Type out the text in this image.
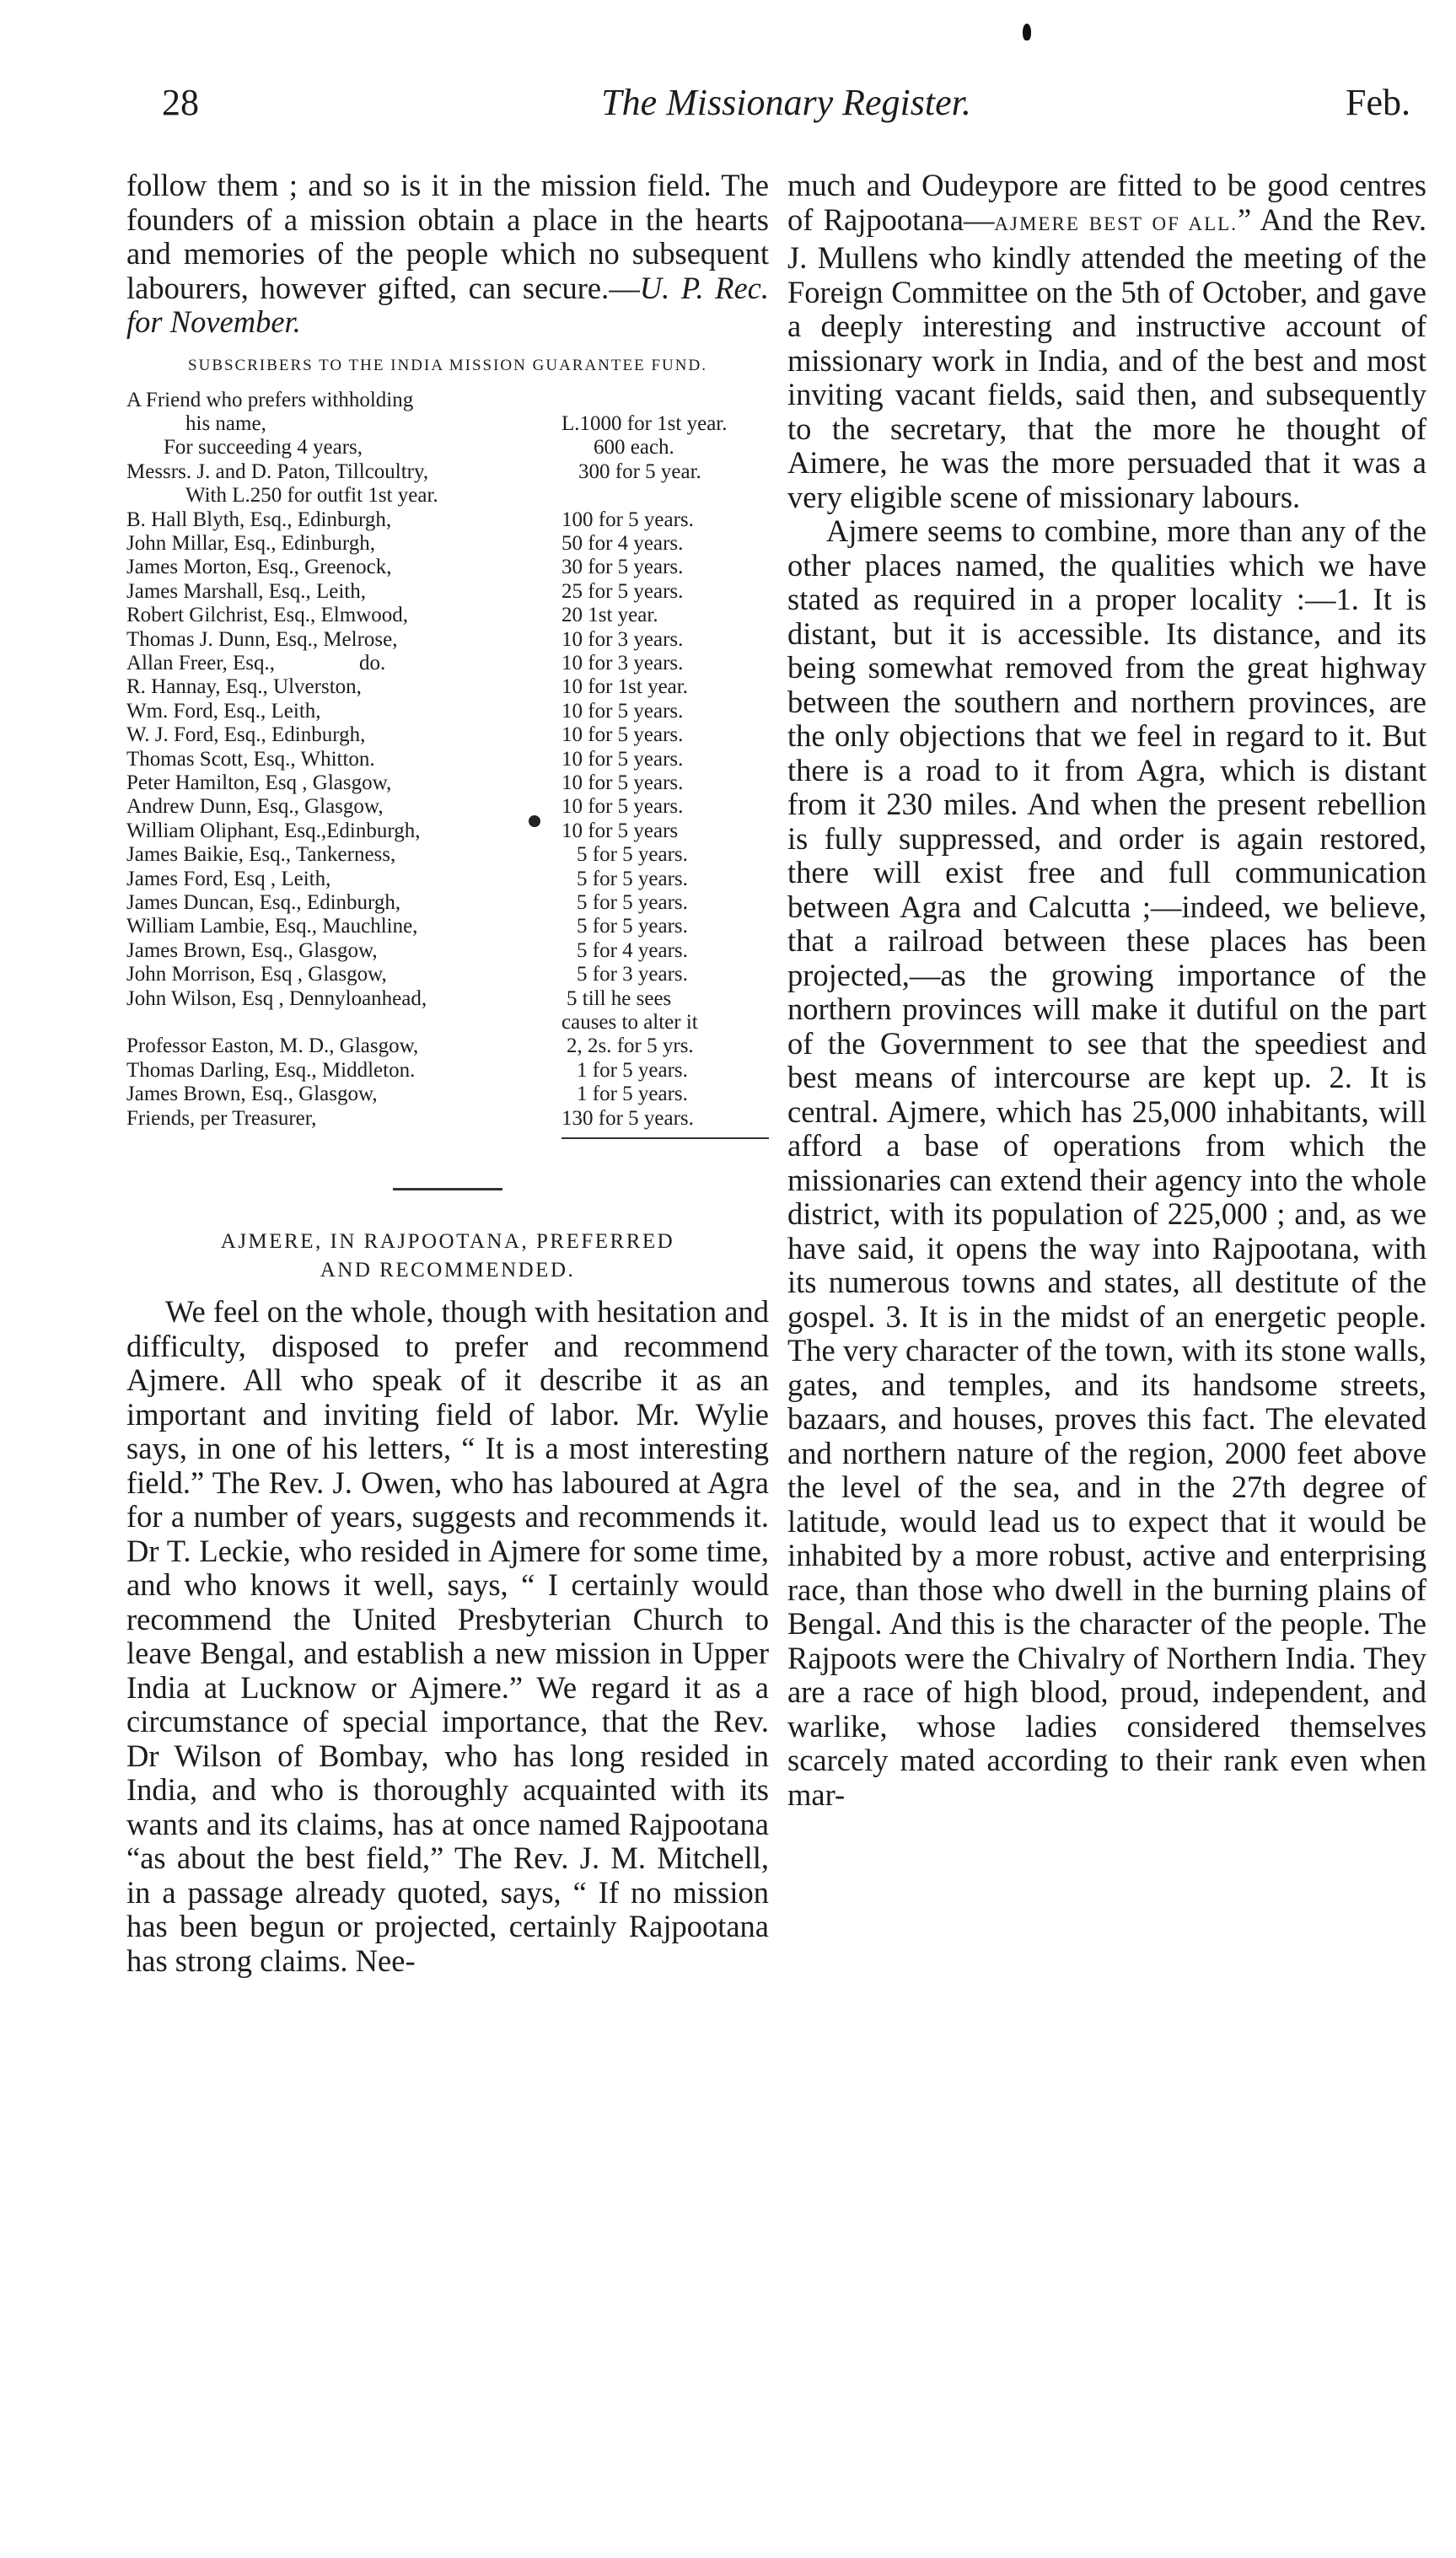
28	The Missionary Register.	Feb.

follow them ; and so is it in the mission field. The founders of a mission obtain a place in the hearts and memories of the people which no subsequent labourers, however gifted, can secure.—U. P. Rec. for November.

SUBSCRIBERS TO THE INDIA MISSION GUARANTEE FUND.
A Friend who prefers withholding
his name,	L.1000 for 1st year.
For succeeding 4 years,	600 each.
Messrs. J. and D. Paton, Tillcoultry,	300 for 5 year.
With L.250 for outfit 1st year.
B. Hall Blyth, Esq., Edinburgh,	100 for 5 years.
John Millar, Esq., Edinburgh,	50 for 4 years.
James Morton, Esq., Greenock,	30 for 5 years.
James Marshall, Esq., Leith,	25 for 5 years.
Robert Gilchrist, Esq., Elmwood,	20 1st year.
Thomas J. Dunn, Esq., Melrose,	10 for 3 years.
Allan Freer, Esq.,                do.	10 for 3 years.
R. Hannay, Esq., Ulverston,	10 for 1st year.
Wm. Ford, Esq., Leith,	10 for 5 years.
W. J. Ford, Esq., Edinburgh,	10 for 5 years.
Thomas Scott, Esq., Whitton.	10 for 5 years.
Peter Hamilton, Esq , Glasgow,	10 for 5 years.
Andrew Dunn, Esq., Glasgow,	10 for 5 years.
William Oliphant, Esq.,Edinburgh,	10 for 5 years
James Baikie, Esq., Tankerness,	5 for 5 years.
James Ford, Esq , Leith,	5 for 5 years.
James Duncan, Esq., Edinburgh,	5 for 5 years.
William Lambie, Esq., Mauchline,	5 for 5 years.
James Brown, Esq., Glasgow,	5 for 4 years.
John Morrison, Esq , Glasgow,	5 for 3 years.
John Wilson, Esq , Dennyloanhead,	5 till he sees
causes to alter it
Professor Easton, M. D., Glasgow,	2, 2s. for 5 yrs.
Thomas Darling, Esq., Middleton.	1 for 5 years.
James Brown, Esq., Glasgow,	1 for 5 years.
Friends, per Treasurer,	130 for 5 years.
AJMERE, IN RAJPOOTANA, PREFERRED
AND RECOMMENDED.

We feel on the whole, though with hesitation and difficulty, disposed to prefer and recommend Ajmere. All who speak of it describe it as an important and inviting field of labor. Mr. Wylie says, in one of his letters, “ It is a most interesting field.” The Rev. J. Owen, who has laboured at Agra for a number of years, suggests and recommends it. Dr T. Leckie, who resided in Ajmere for some time, and who knows it well, says, “ I certainly would recommend the United Presbyterian Church to leave Bengal, and establish a new mission in Upper India at Lucknow or Ajmere.” We regard it as a circumstance of special importance, that the Rev. Dr Wilson of Bombay, who has long resided in India, and who is thoroughly acquainted with its wants and its claims, has at once named Rajpootana “as about the best field,” The Rev. J. M. Mitchell, in a passage already quoted, says, “ If no mission has been begun or projected, certainly Rajpootana has strong claims. Nee-

much and Oudeypore are fitted to be good centres of Rajpootana—AJMERE BEST OF ALL.” And the Rev. J. Mullens who kindly attended the meeting of the Foreign Committee on the 5th of October, and gave a deeply interesting and instructive account of missionary work in India, and of the best and most inviting vacant fields, said then, and subsequently to the secretary, that the more he thought of Aimere, he was the more persuaded that it was a very eligible scene of missionary labours.

Ajmere seems to combine, more than any of the other places named, the qualities which we have stated as required in a proper locality :—1. It is distant, but it is accessible. Its distance, and its being somewhat removed from the great highway between the southern and northern provinces, are the only objections that we feel in regard to it. But there is a road to it from Agra, which is distant from it 230 miles. And when the present rebellion is fully suppressed, and order is again restored, there will exist free and full communication between Agra and Calcutta ;—indeed, we believe, that a railroad between these places has been projected,—as the growing importance of the northern provinces will make it dutiful on the part of the Government to see that the speediest and best means of intercourse are kept up. 2. It is central. Ajmere, which has 25,000 inhabitants, will afford a base of operations from which the missionaries can extend their agency into the whole district, with its population of 225,000 ; and, as we have said, it opens the way into Rajpootana, with its numerous towns and states, all destitute of the gospel. 3. It is in the midst of an energetic people. The very character of the town, with its stone walls, gates, and temples, and its handsome streets, bazaars, and houses, proves this fact. The elevated and northern nature of the region, 2000 feet above the level of the sea, and in the 27th degree of latitude, would lead us to expect that it would be inhabited by a more robust, active and enterprising race, than those who dwell in the burning plains of Bengal. And this is the character of the people. The Rajpoots were the Chivalry of Northern India. They are a race of high blood, proud, independent, and warlike, whose ladies considered themselves scarcely mated according to their rank even when mar-
